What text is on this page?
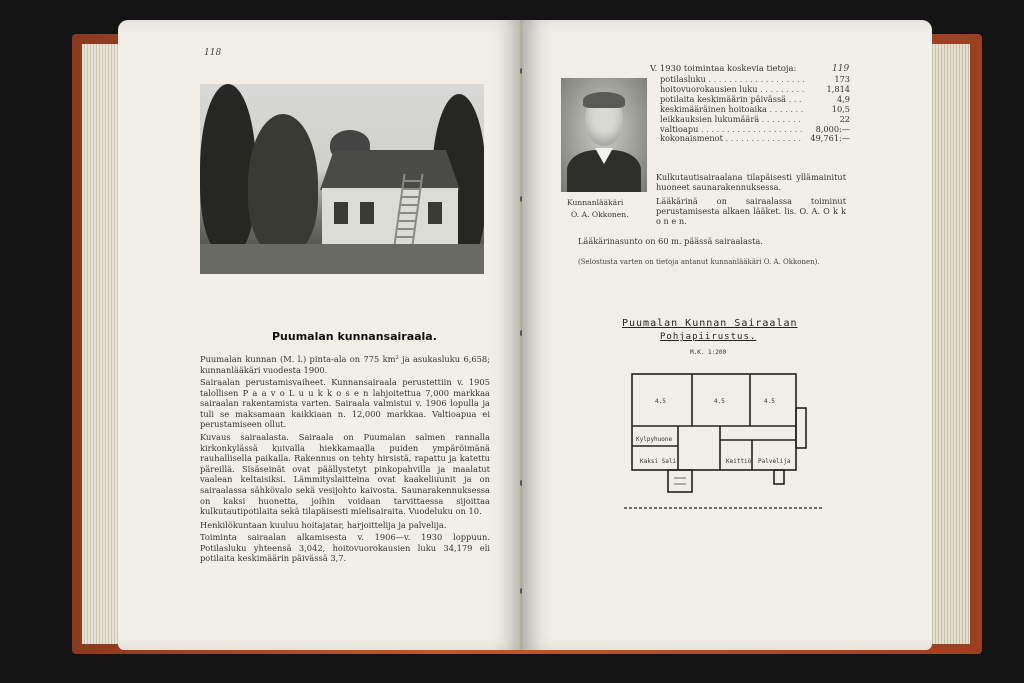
118
Puumalan kunnansairaala.
Puumalan kunnan (M. l.) pinta-ala on 775 km² ja asukasluku 6,658; kunnanlääkäri vuodesta 1900.
Sairaalan perustamisvaiheet. Kunnansairaala perustettiin v. 1905 talollisen P a a v o L u u k k o s e n lahjoitettua 7,000 markkaa sairaalan rakentamista varten. Sairaala valmistui v. 1906 lopulla ja tuli se maksamaan kaikkiaan n. 12,000 markkaa. Valtioapua ei perustamiseen ollut.
Kuvaus sairaalasta. Sairaala on Puumalan salmen rannalla kirkonkylässä kuivalla hiekkamaalla puiden ympäröimänä rauhallisella paikalla. Rakennus on tehty hirsistä, rapattu ja katettu päreillä. Sisäseinät ovat päällystetyt pinkopahvilla ja maalatut vaalean keltaisiksi. Lämmityslaitteina ovat kaakeliuunit ja on sairaalassa sähkövalo sekä vesijohto kaivosta. Saunarakennuksessa on kaksi huonetta, joihin voidaan tarvittaessa sijoittaa kulkutautipotilaita sekä tilapäisesti mielisairaita. Vuodeluku on 10.
Henkilökuntaan kuuluu hoitajatar, harjoittelija ja palvelija.
Toiminta sairaalan alkamisesta v. 1906—v. 1930 loppuun. Potilasluku yhteensä 3,042, hoitovuorokausien luku 34,179 eli potilaita keskimäärin päivässä 3,7.
119
Kunnanlääkäri
O. A. Okkonen.
V. 1930 toimintaa koskevia tietoja:
potilasluku . . .	173
hoitovuorokausien luku . . .	1,814
potilaita keskimäärin päivässä . . .	4,9
keskimääräinen hoitoaika . . .	10,5
leikkauksien lukumäärä . . .	22
valtioapu . . .	8,000:—
kokonaismenot . . .	49,761:—
Kulkutautisairaalana tilapäisesti yllämainitut huoneet saunarakennuksessa.
Lääkärinä on sairaalassa toiminut perustamisesta alkaen lääket. lis. O. A. O k k o n e n.
Lääkärinasunto on 60 m. päässä sairaalasta.
(Selostusta varten on tietoja antanut kunnanlääkäri O. A. Okkonen).
Puumalan Kunnan Sairaalan
Pohjapiirustus.
M.K. 1:200
4.5	4.5	4.5
Keittiö
Kylpyhuone
Palvelija
Kaksi Sali
